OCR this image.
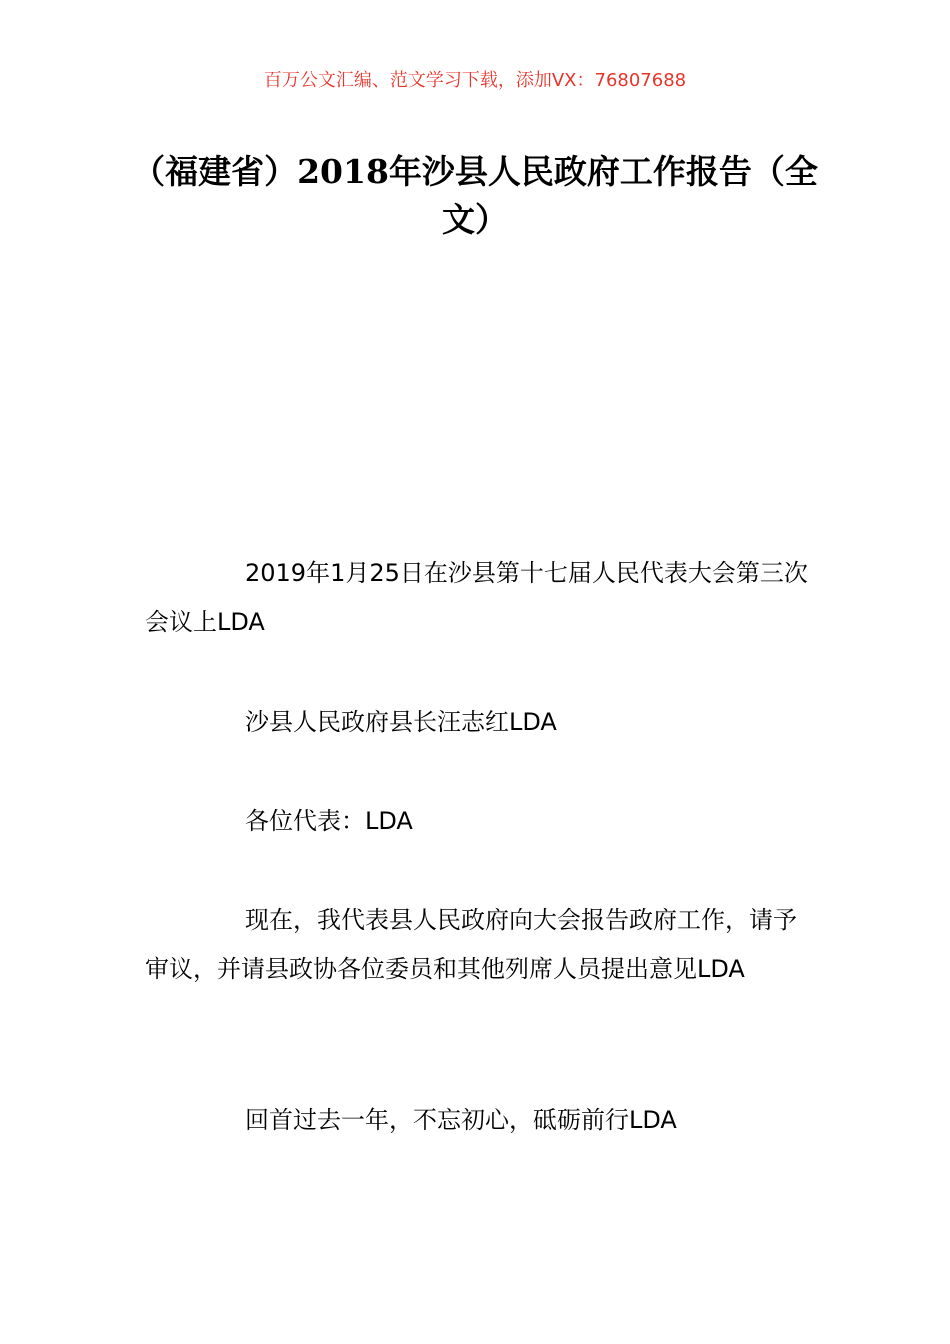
百万公文汇编、范文学习下载，添加VX：76807688
（福建省）2018年沙县人民政府工作报告（全文）

2019年1月25日在沙县第十七届人民代表大会第三次会议上LDA

沙县人民政府县长汪志红LDA

各位代表：LDA

现在，我代表县人民政府向大会报告政府工作，请予审议，并请县政协各位委员和其他列席人员提出意见LDA

回首过去一年，不忘初心，砥砺前行LDA
